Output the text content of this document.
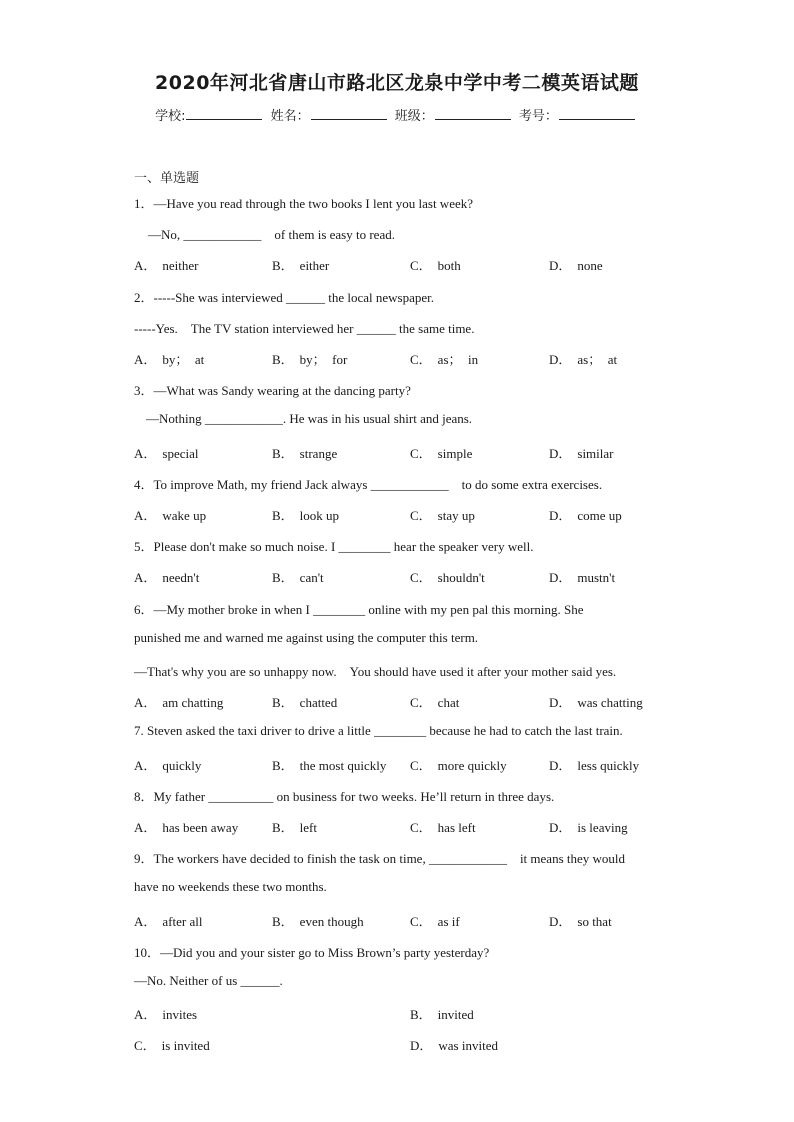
2020年河北省唐山市路北区龙泉中学中考二模英语试题
学校:	姓名：	班级：	考号：
一、单选题
1．—Have you read through the two books I lent you last week?
—No, ____________　of them is easy to read.
A． neither	B． either	C． both	D． none
2．-----She was interviewed ______ the local newspaper.
-----Yes.　The TV station interviewed her ______ the same time.
A． by；　at	B． by；　for	C． as；　in	D． as；　at
3．—What was Sandy wearing at the dancing party?
—Nothing ____________. He was in his usual shirt and jeans.
A． special	B． strange	C． simple	D． similar
4．To improve Math, my friend Jack always ____________　to do some extra exercises.
A． wake up	B． look up	C． stay up	D． come up
5．Please don't make so much noise. I ________ hear the speaker very well.
A． needn't	B． can't	C． shouldn't	D． mustn't
6．—My mother broke in when I ________ online with my pen pal this morning. She
punished me and warned me against using the computer this term.
—That's why you are so unhappy now.　You should have used it after your mother said yes.
A． am chatting	B． chatted	C． chat	D． was chatting
7. Steven asked the taxi driver to drive a little ________ because he had to catch the last train.
A． quickly	B． the most quickly C． more quickly	D． less quickly
8．My father __________ on business for two weeks. He’ll return in three days.
A． has been away	B． left	C． has left	D． is leaving
9．The workers have decided to finish the task on time, ____________　it means they would
have no weekends these two months.
A． after all	B． even though	C． as if	D． so that
10．—Did you and your sister go to Miss Brown’s party yesterday?
—No. Neither of us ______.
A． invites	B． invited
C． is invited	D． was invited
